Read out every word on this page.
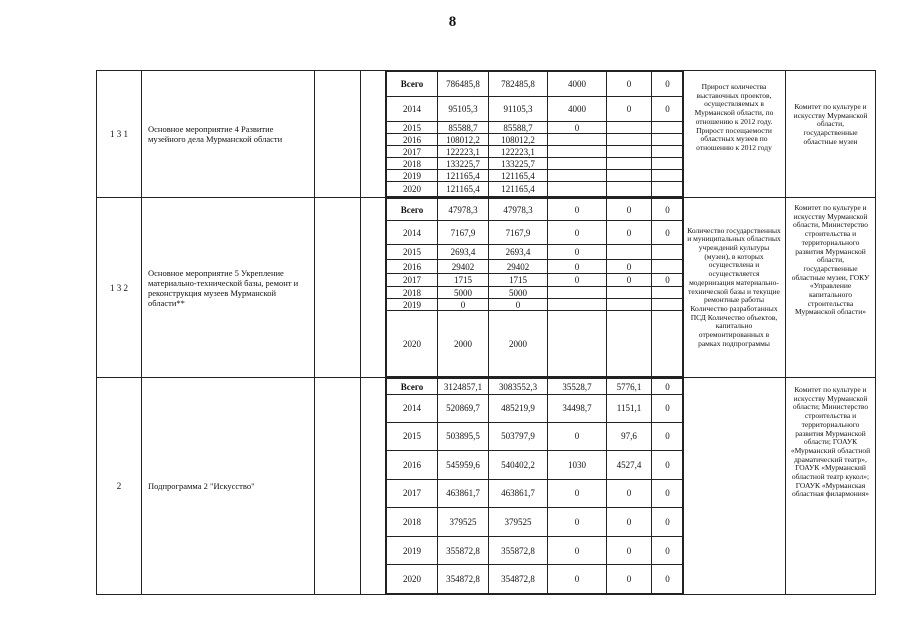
8
1 3 1	Основное мероприятие 4 Развитие музейного дела Мурманской области			
Всего	786485,8	782485,8	4000	0	0
2014	95105,3	91105,3	4000	0	0
2015	85588,7	85588,7	0		
2016	108012,2	108012,2			
2017	122223,1	122223,1			
2018	133225,7	133225,7			
2019	121165,4	121165,4			
2020	121165,4	121165,4			
	Прирост количества выставочных проектов, осуществляемых в Мурманской области, по отношению к 2012 году. Прирост посещаемости областных музеев по отношению к 2012 году	Комитет по культуре и искусству Мурманской области, государственные областные музеи
1 3 2	Основное мероприятие 5 Укрепление материально-технической базы, ремонт и реконструкция музеев Мурманской области**			
Всего	47978,3	47978,3	0	0	0
2014	7167,9	7167,9	0	0	0
2015	2693,4	2693,4	0		
2016	29402	29402	0	0	
2017	1715	1715	0	0	0
2018	5000	5000			
2019	0	0			
2020	2000	2000			
	Количество государственных и муниципальных областных учреждений культуры (музеи), в которых осуществлена и осуществляется модернизация материально-технической базы и текущие ремонтные работы Количество разработанных ПСД Количество объектов, капитально отремонтированных в рамках подпрограммы	Комитет по культуре и искусству Мурманской области, Министерство строительства и территориального развития Мурманской области, государственные областные музеи, ГОКУ «Управление капитального строительства Мурманской области»
2	Подпрограмма 2 "Искусство"			
Всего	3124857,1	3083552,3	35528,7	5776,1	0
2014	520869,7	485219,9	34498,7	1151,1	0
2015	503895,5	503797,9	0	97,6	0
2016	545959,6	540402,2	1030	4527,4	0
2017	463861,7	463861,7	0	0	0
2018	379525	379525	0	0	0
2019	355872,8	355872,8	0	0	0
2020	354872,8	354872,8	0	0	0
		Комитет по культуре и искусству Мурманской области; Министерство строительства и территориального развития Мурманской области; ГОАУК «Мурманский областной драматический театр», ГОАУК «Мурманский областной театр кукол»; ГОАУК «Мурманская областная филармония»
